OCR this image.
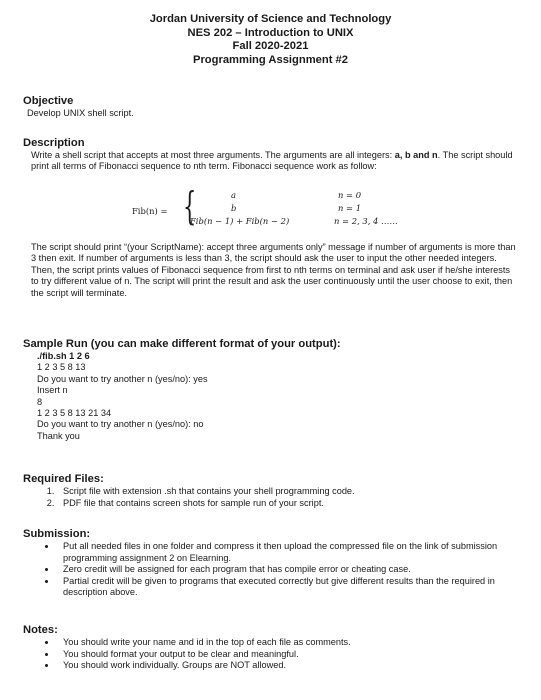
Jordan University of Science and Technology
NES 202 – Introduction to UNIX
Fall 2020-2021
Programming Assignment #2
Objective
Develop UNIX shell script.
Description
Write a shell script that accepts at most three arguments. The arguments are all integers: a, b and n. The script should print all terms of Fibonacci sequence to nth term. Fibonacci sequence work as follow:
Fib(n) = {	a
b
Fib(n − 1) + Fib(n − 2)
n = 0
n = 1
n = 2, 3, 4 ……
The script should print “(your ScriptName): accept three arguments only” message if number of arguments is more than 3 then exit. If number of arguments is less than 3, the script should ask the user to input the other needed integers. Then, the script prints values of Fibonacci sequence from first to nth terms on terminal and ask user if he/she interests to try different value of n. The script will print the result and ask the user continuously until the user choose to exit, then the script will terminate.
Sample Run (you can make different format of your output):
./fib.sh 1 2 6
1 2 3 5 8 13
Do you want to try another n (yes/no): yes
Insert n
8
1 2 3 5 8 13 21 34
Do you want to try another n (yes/no): no
Thank you
Required Files:
1. Script file with extension .sh that contains your shell programming code.
2. PDF file that contains screen shots for sample run of your script.
Submission:
• Put all needed files in one folder and compress it then upload the compressed file on the link of submission programming assignment 2 on Elearning.
• Zero credit will be assigned for each program that has compile error or cheating case.
• Partial credit will be given to programs that executed correctly but give different results than the required in description above.
Notes:
• You should write your name and id in the top of each file as comments.
• You should format your output to be clear and meaningful.
• You should work individually. Groups are NOT allowed.
